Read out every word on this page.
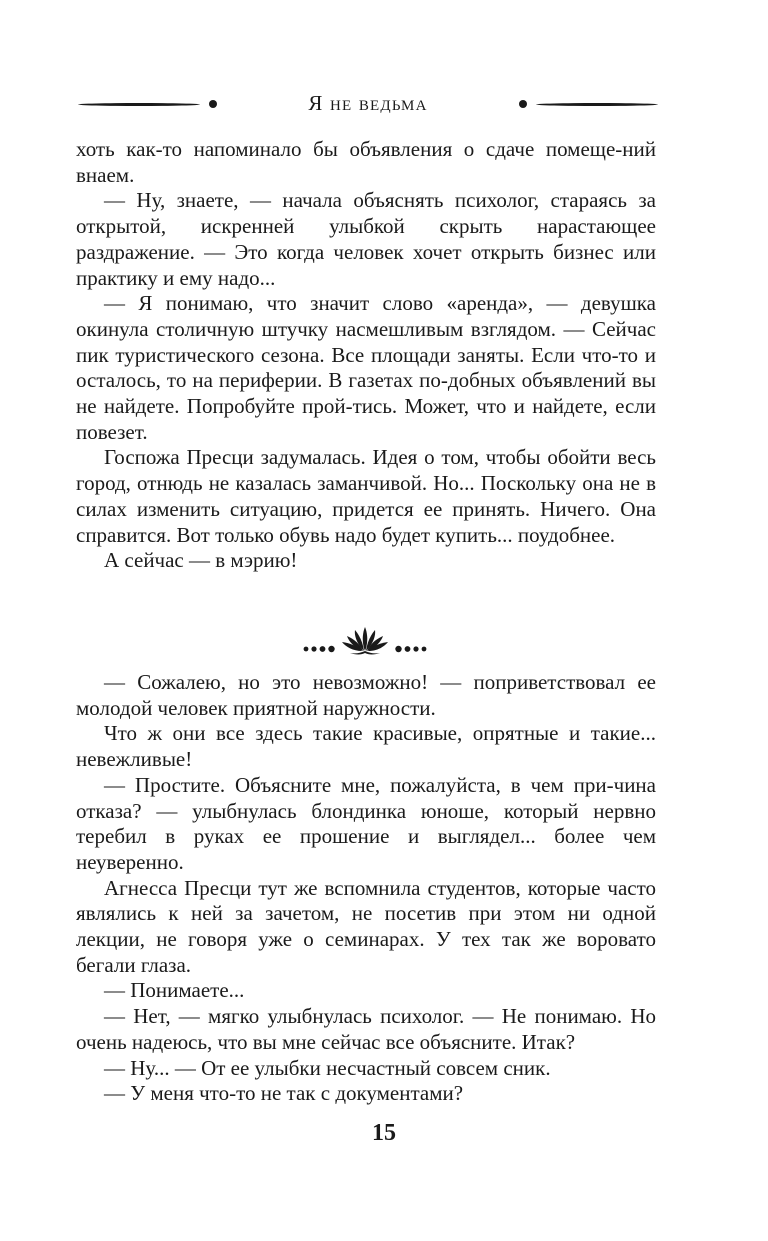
Я не ведьма

хоть как-то напоминало бы объявления о сдаче помеще-ний внаем.

— Ну, знаете, — начала объяснять психолог, стараясь за открытой, искренней улыбкой скрыть нарастающее раздражение. — Это когда человек хочет открыть бизнес или практику и ему надо...

— Я понимаю, что значит слово «аренда», — девушка окинула столичную штучку насмешливым взглядом. — Сейчас пик туристического сезона. Все площади заняты. Если что-то и осталось, то на периферии. В газетах по-добных объявлений вы не найдете. Попробуйте прой-тись. Может, что и найдете, если повезет.

Госпожа Пресци задумалась. Идея о том, чтобы обойти весь город, отнюдь не казалась заманчивой. Но... Поскольку она не в силах изменить ситуацию, придется ее принять. Ничего. Она справится. Вот только обувь надо будет купить... поудобнее.

А сейчас — в мэрию!

— Сожалею, но это невозможно! — поприветствовал ее молодой человек приятной наружности.

Что ж они все здесь такие красивые, опрятные и такие... невежливые!

— Простите. Объясните мне, пожалуйста, в чем при-чина отказа? — улыбнулась блондинка юноше, который нервно теребил в руках ее прошение и выглядел... более чем неуверенно.

Агнесса Пресци тут же вспомнила студентов, которые часто являлись к ней за зачетом, не посетив при этом ни одной лекции, не говоря уже о семинарах. У тех так же воровато бегали глаза.

— Понимаете...

— Нет, — мягко улыбнулась психолог. — Не понимаю. Но очень надеюсь, что вы мне сейчас все объясните. Итак?

— Ну... — От ее улыбки несчастный совсем сник.

— У меня что-то не так с документами?

15
